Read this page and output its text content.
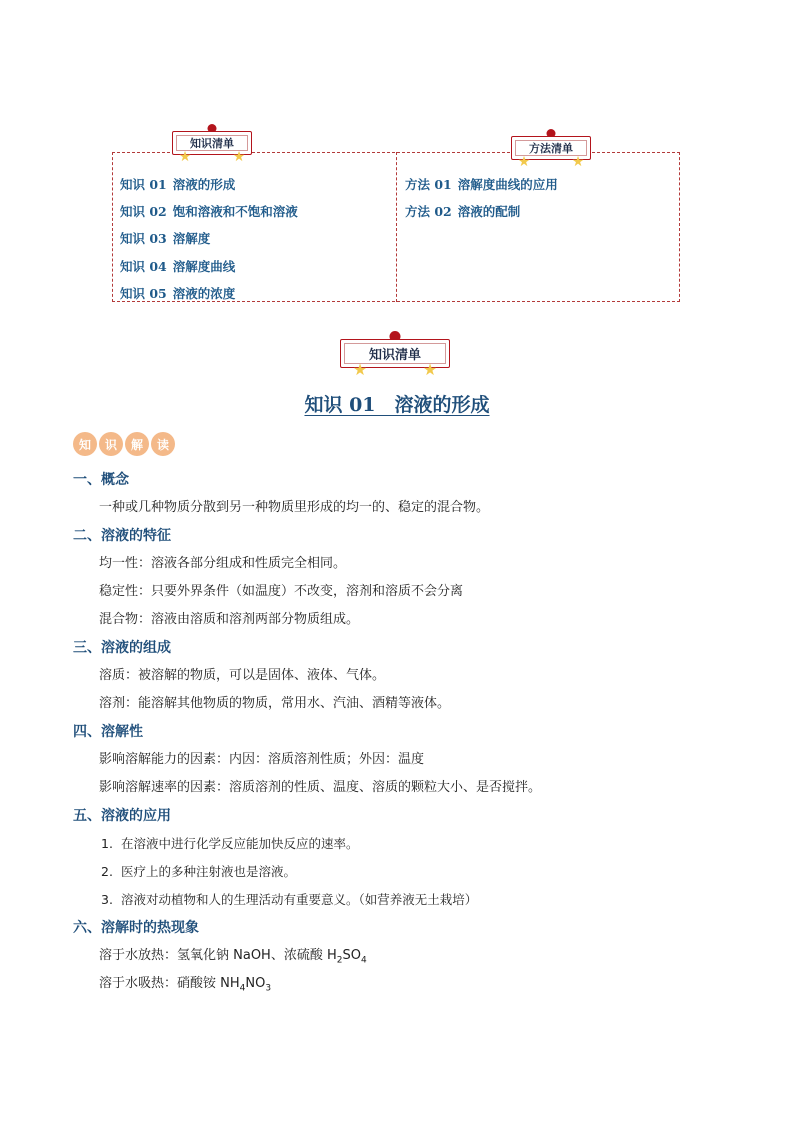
知识清单
★	★
方法清单
★	★
知识 01 溶液的形成
知识 02 饱和溶液和不饱和溶液
知识 03 溶解度
知识 04 溶解度曲线
知识 05 溶液的浓度
方法 01 溶解度曲线的应用
方法 02 溶液的配制
知识清单
★	★
知识 01　溶液的形成
知	识	解	读
一、概念
一种或几种物质分散到另一种物质里形成的均一的、稳定的混合物。
二、溶液的特征
均一性：溶液各部分组成和性质完全相同。
稳定性：只要外界条件（如温度）不改变，溶剂和溶质不会分离
混合物：溶液由溶质和溶剂两部分物质组成。
三、溶液的组成
溶质：被溶解的物质，可以是固体、液体、气体。
溶剂：能溶解其他物质的物质，常用水、汽油、酒精等液体。
四、溶解性
影响溶解能力的因素：内因：溶质溶剂性质；外因：温度
影响溶解速率的因素：溶质溶剂的性质、温度、溶质的颗粒大小、是否搅拌。
五、溶液的应用
1. 在溶液中进行化学反应能加快反应的速率。
2. 医疗上的多种注射液也是溶液。
3. 溶液对动植物和人的生理活动有重要意义。（如营养液无土栽培）
六、溶解时的热现象
溶于水放热：氢氧化钠 NaOH、浓硫酸 $H_2SO_4$
溶于水吸热：硝酸铵 $NH_4NO_3$
